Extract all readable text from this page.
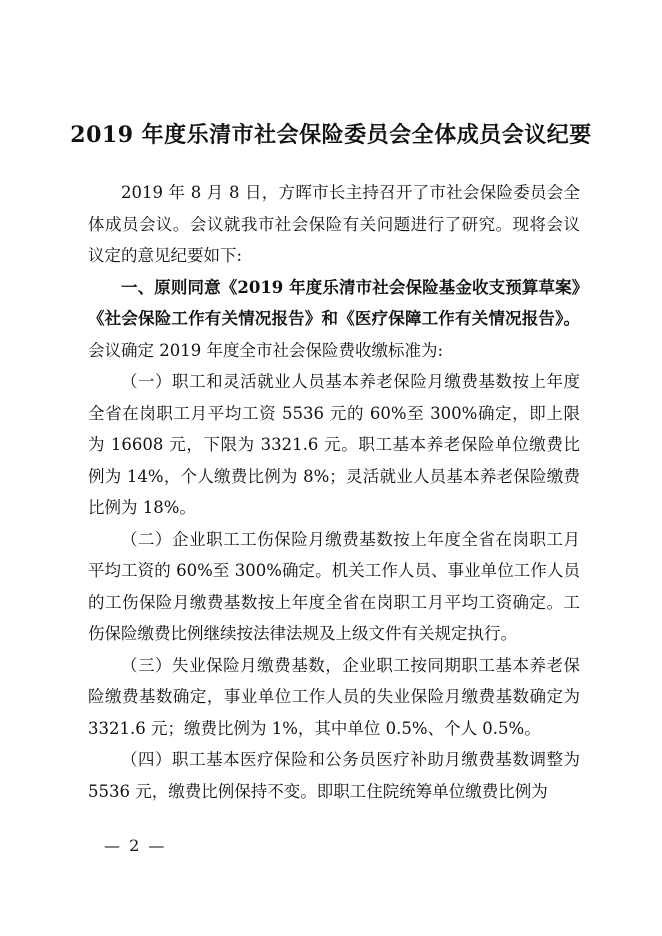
2019 年度乐清市社会保险委员会全体成员会议纪要

2019 年 8 月 8 日，方晖市长主持召开了市社会保险委员会全体成员会议。会议就我市社会保险有关问题进行了研究。现将会议议定的意见纪要如下:

一、原则同意《2019 年度乐清市社会保险基金收支预算草案》《社会保险工作有关情况报告》和《医疗保障工作有关情况报告》。会议确定 2019 年度全市社会保险费收缴标准为:

（一）职工和灵活就业人员基本养老保险月缴费基数按上年度全省在岗职工月平均工资 5536 元的 60%至 300%确定，即上限为 16608 元，下限为 3321.6 元。职工基本养老保险单位缴费比例为 14%，个人缴费比例为 8%；灵活就业人员基本养老保险缴费比例为 18%。

（二）企业职工工伤保险月缴费基数按上年度全省在岗职工月平均工资的 60%至 300%确定。机关工作人员、事业单位工作人员的工伤保险月缴费基数按上年度全省在岗职工月平均工资确定。工伤保险缴费比例继续按法律法规及上级文件有关规定执行。

（三）失业保险月缴费基数，企业职工按同期职工基本养老保险缴费基数确定，事业单位工作人员的失业保险月缴费基数确定为 3321.6 元；缴费比例为 1%，其中单位 0.5%、个人 0.5%。

（四）职工基本医疗保险和公务员医疗补助月缴费基数调整为 5536 元，缴费比例保持不变。即职工住院统筹单位缴费比例为

— 2 —
